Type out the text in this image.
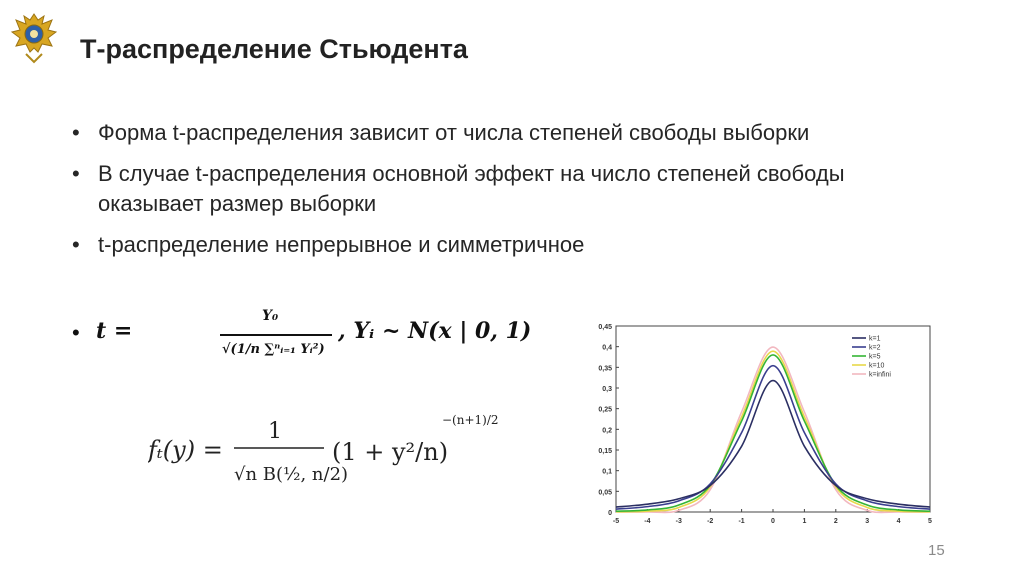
Т-распределение Стьюдента
• Форма t-распределения зависит от числа степеней свободы выборки
• В случае t-распределения основной эффект на число степеней свободы оказывает размер выборки
• t-распределение непрерывное и симметричное
• t =
Y₀
√(1/n ∑ⁿᵢ₌₁ Yᵢ²)
, Yᵢ ~ N(x | 0, 1)
fₜ(y) =
1
√n B(½, n/2)
(1 + y²/n)
−(n+1)/2
0
0,05
0,1
0,15
0,2
0,25
0,3
0,35
0,4
0,45
-5	-4	-3	-2	-1	0	1	2	3	4	5
k=1
k=2
k=5
k=10
k=infini
15
